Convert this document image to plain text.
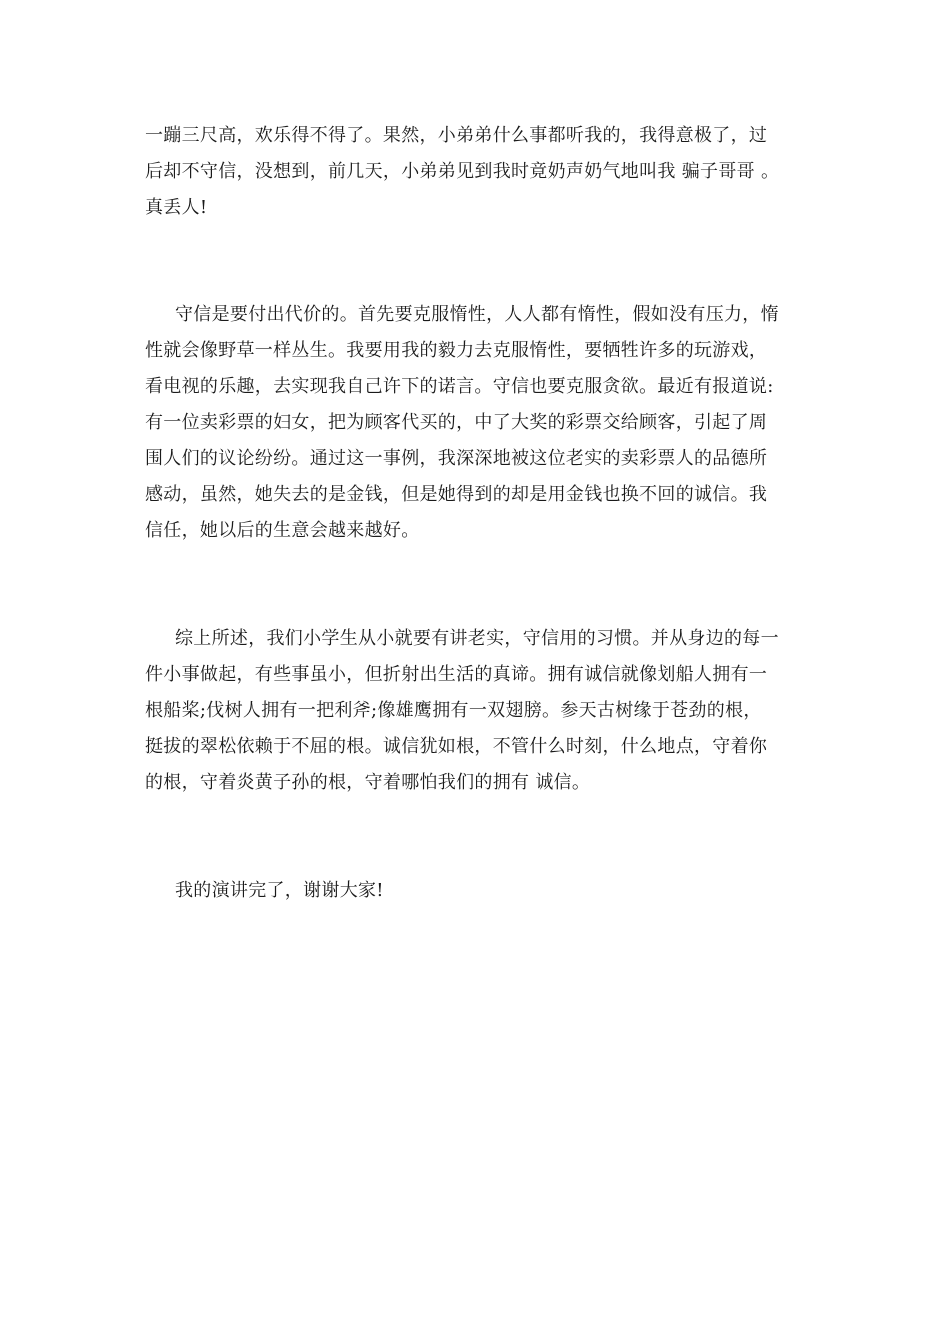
一蹦三尺高，欢乐得不得了。果然，小弟弟什么事都听我的，我得意极了，过
后却不守信，没想到，前几天，小弟弟见到我时竟奶声奶气地叫我 骗子哥哥 。
真丢人!
守信是要付出代价的。首先要克服惰性，人人都有惰性，假如没有压力，惰
性就会像野草一样丛生。我要用我的毅力去克服惰性，要牺牲许多的玩游戏，
看电视的乐趣，去实现我自己许下的诺言。守信也要克服贪欲。最近有报道说:
有一位卖彩票的妇女，把为顾客代买的，中了大奖的彩票交给顾客，引起了周
围人们的议论纷纷。通过这一事例，我深深地被这位老实的卖彩票人的品德所
感动，虽然，她失去的是金钱，但是她得到的却是用金钱也换不回的诚信。我
信任，她以后的生意会越来越好。
综上所述，我们小学生从小就要有讲老实，守信用的习惯。并从身边的每一
件小事做起，有些事虽小，但折射出生活的真谛。拥有诚信就像划船人拥有一
根船桨;伐树人拥有一把利斧;像雄鹰拥有一双翅膀。参天古树缘于苍劲的根，
挺拔的翠松依赖于不屈的根。诚信犹如根，不管什么时刻，什么地点，守着你
的根，守着炎黄子孙的根，守着哪怕我们的拥有 诚信。
我的演讲完了，谢谢大家!
